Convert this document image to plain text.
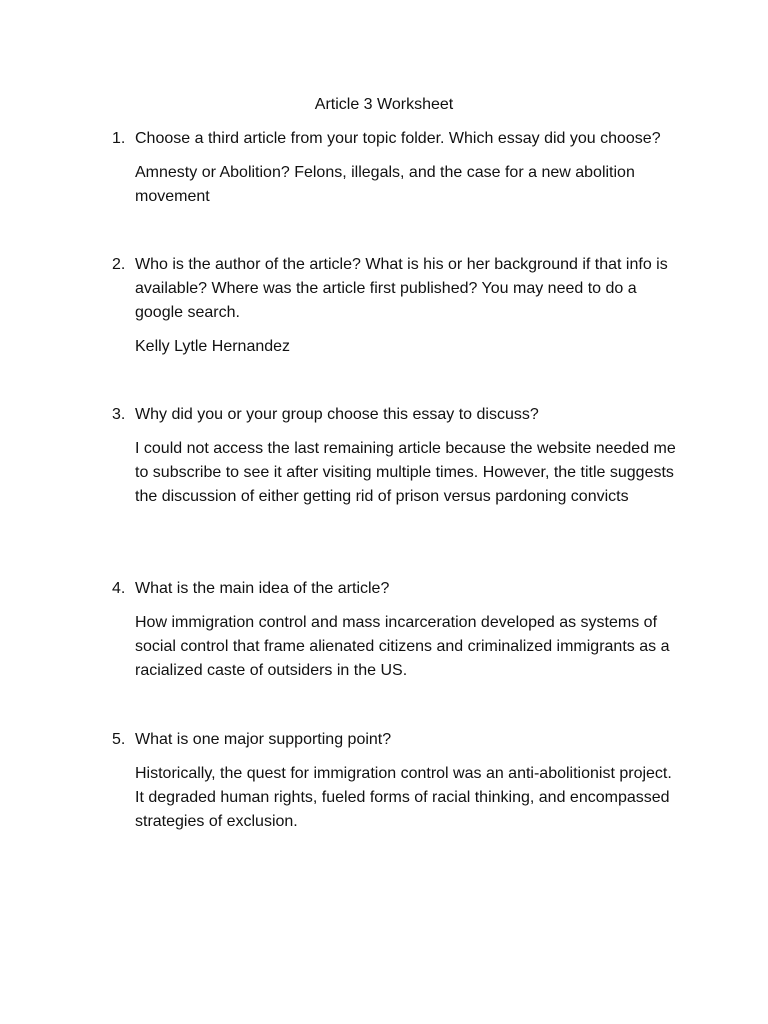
Article 3 Worksheet
1. Choose a third article from your topic folder. Which essay did you choose?
Amnesty or Abolition? Felons, illegals, and the case for a new abolition movement
2. Who is the author of the article? What is his or her background if that info is available? Where was the article first published? You may need to do a google search.
Kelly Lytle Hernandez
3. Why did you or your group choose this essay to discuss?
I could not access the last remaining article because the website needed me to subscribe to see it after visiting multiple times. However, the title suggests the discussion of either getting rid of prison versus pardoning convicts
4. What is the main idea of the article?
How immigration control and mass incarceration developed as systems of social control that frame alienated citizens and criminalized immigrants as a racialized caste of outsiders in the US.
5. What is one major supporting point?
Historically, the quest for immigration control was an anti-abolitionist project. It degraded human rights, fueled forms of racial thinking, and encompassed strategies of exclusion.
